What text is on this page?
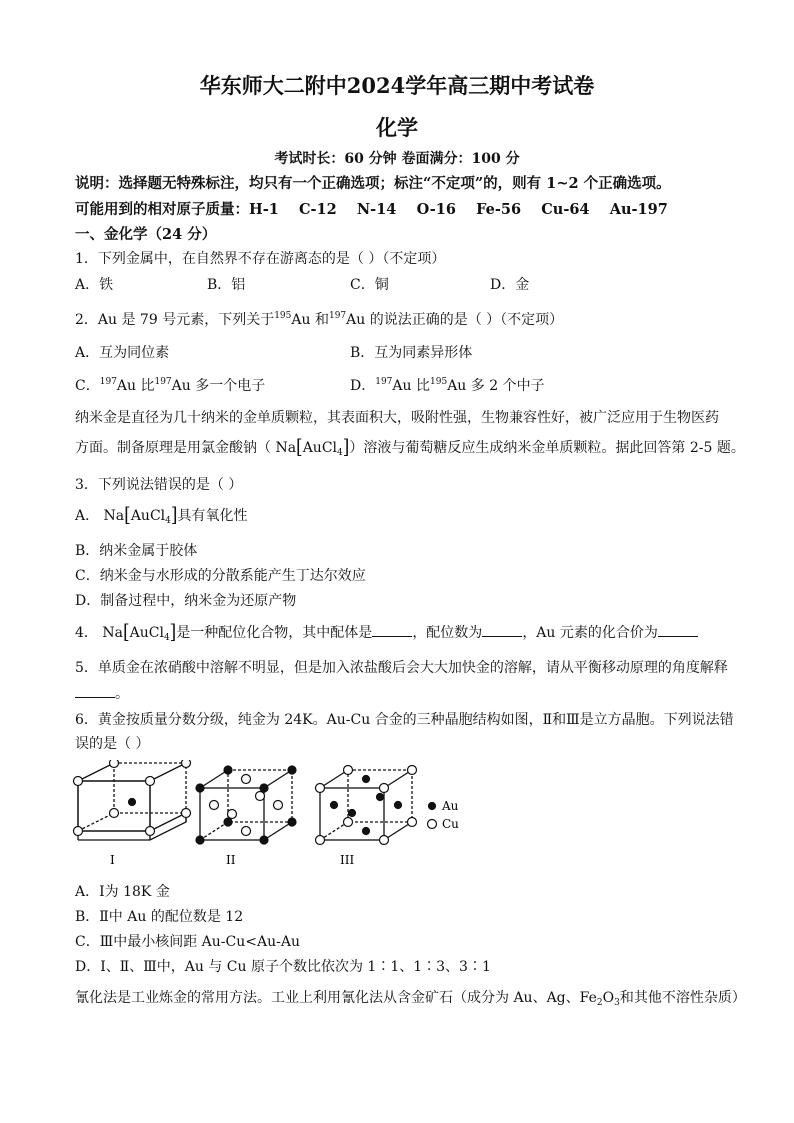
华东师大二附中2024学年高三期中考试卷
化学
考试时长：60 分钟 卷面满分：100 分
说明：选择题无特殊标注，均只有一个正确选项；标注“不定项”的，则有 1~2 个正确选项。
可能用到的相对原子质量：H-1    C-12    N-14    O-16    Fe-56    Cu-64    Au-197
一、金化学（24 分）
1．下列金属中，在自然界不存在游离态的是（ ）（不定项）
A．铁	B．铝	C．铜	D．金
2．Au 是 79 号元素，下列关于$^{195}$Au 和$^{197}$Au 的说法正确的是（ ）（不定项）
A．互为同位素	B．互为同素异形体
C．$^{197}$Au 比$^{197}$Au 多一个电子	D．$^{197}$Au 比$^{195}$Au 多 2 个中子
纳米金是直径为几十纳米的金单质颗粒，其表面积大，吸附性强，生物兼容性好，被广泛应用于生物医药
方面。制备原理是用氯金酸钠（ Na[AuCl$_4$]）溶液与葡萄糖反应生成纳米金单质颗粒。据此回答第 2-5 题。
3．下列说法错误的是（ ）
A． Na[AuCl$_4$]具有氧化性
B．纳米金属于胶体
C．纳米金与水形成的分散系能产生丁达尔效应
D．制备过程中，纳米金为还原产物
4． Na[AuCl$_4$]是一种配位化合物，其中配体是	，配位数为	，Au 元素的化合价为
5．单质金在浓硝酸中溶解不明显，但是加入浓盐酸后会大大加快金的溶解，请从平衡移动原理的角度解释
。
6．黄金按质量分数分级，纯金为 24K。Au-Cu 合金的三种晶胞结构如图，Ⅱ和Ⅲ是立方晶胞。下列说法错
误的是（ ）
Au
Cu
I	II	III
A．Ⅰ为 18K 金
B．Ⅱ中 Au 的配位数是 12
C．Ⅲ中最小核间距 Au-Cu<Au-Au
D．Ⅰ、Ⅱ、Ⅲ中，Au 与 Cu 原子个数比依次为 1∶1、1∶3、3∶1
氰化法是工业炼金的常用方法。工业上利用氰化法从含金矿石（成分为 Au、Ag、$Fe_2O_3$和其他不溶性杂质）
